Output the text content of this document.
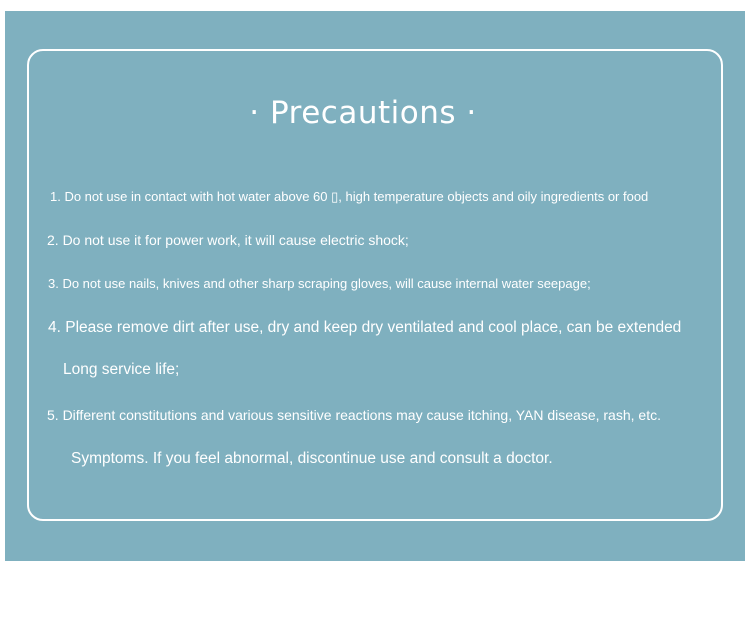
· Precautions ·
1. Do not use in contact with hot water above 60 ▯, high temperature objects and oily ingredients or food
2. Do not use it for power work, it will cause electric shock;
3. Do not use nails, knives and other sharp scraping gloves, will cause internal water seepage;
4. Please remove dirt after use, dry and keep dry ventilated and cool place, can be extended
Long service life;
5. Different constitutions and various sensitive reactions may cause itching, YAN disease, rash, etc.
Symptoms. If you feel abnormal, discontinue use and consult a doctor.
